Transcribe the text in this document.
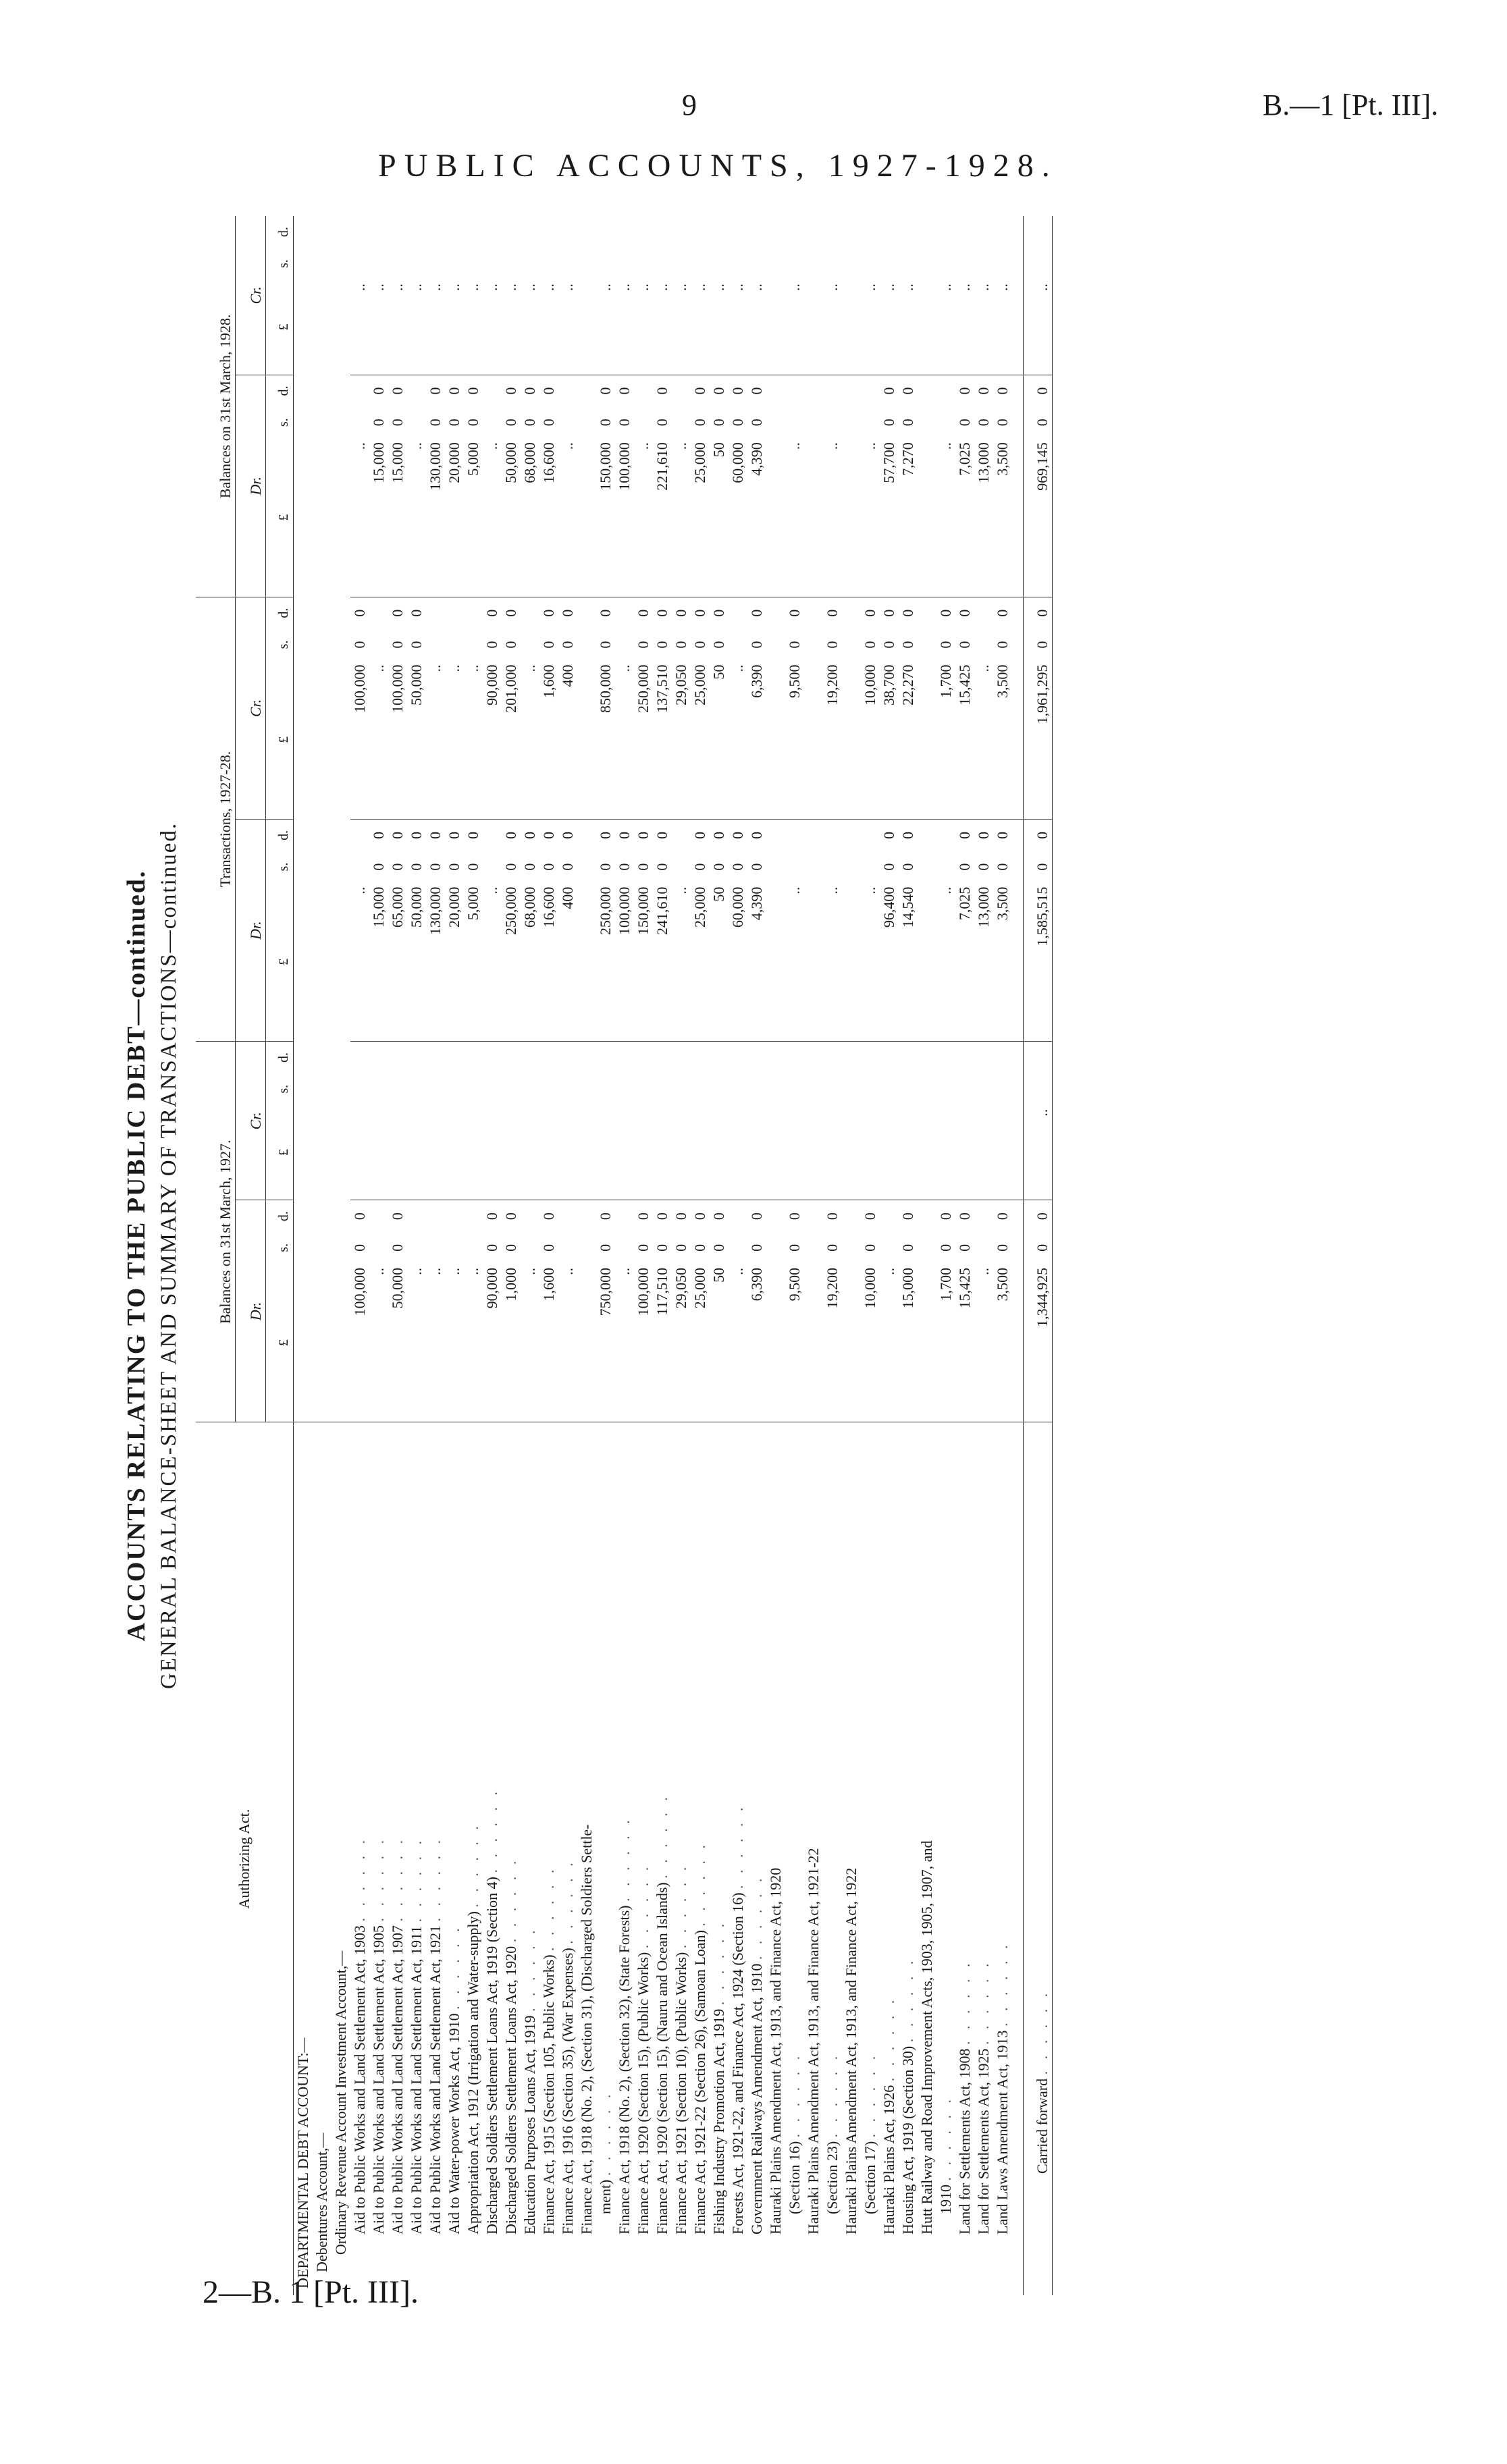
9	B.—1 [Pt. III].
PUBLIC ACCOUNTS, 1927-1928.
2—B. 1 [Pt. III].
ACCOUNTS RELATING TO THE PUBLIC DEBT—continued. GENERAL BALANCE-SHEET AND SUMMARY OF TRANSACTIONS—continued.
Authorizing Act.	Balances on 31st March, 1927.						Transactions, 1927-28.						Balances on 31st March, 1928.					
	Dr.			Cr.			Dr.			Cr.			Dr.			Cr.		
	£	s.	d.	£	s.	d.	£	s.	d.	£	s.	d.	£	s.	d.	£	s.	d.
DEPARTMENTAL DEBT ACCOUNT:—																		
Debentures Account,—																		
Ordinary Revenue Account Investment Account,—																		
Aid to Public Works and Land Settlement Act, 1903 . . . . . .	100,000	0	0				..			100,000	0	0	..			..		
Aid to Public Works and Land Settlement Act, 1905 . . . . . .	..						15,000	0	0	..			15,000	0	0	..		
Aid to Public Works and Land Settlement Act, 1907 . . . . . .	50,000	0	0				65,000	0	0	100,000	0	0	15,000	0	0	..		
Aid to Public Works and Land Settlement Act, 1911 . . . . . .	..						50,000	0	0	50,000	0	0	..			..		
Aid to Public Works and Land Settlement Act, 1921 . . . . . .	..						130,000	0	0	..			130,000	0	0	..		
Aid to Water-power Works Act, 1910 . . . . . .	..						20,000	0	0	..			20,000	0	0	..		
Appropriation Act, 1912 (Irrigation and Water-supply) . . . . . .	..						5,000	0	0	..			5,000	0	0	..		
Discharged Soldiers Settlement Loans Act, 1919 (Section 4) . . . . . .	90,000	0	0				..			90,000	0	0	..			..		
Discharged Soldiers Settlement Loans Act, 1920 . . . . . .	1,000	0	0				250,000	0	0	201,000	0	0	50,000	0	0	..		
Education Purposes Loans Act, 1919 . . . . . .	..						68,000	0	0	..			68,000	0	0	..		
Finance Act, 1915 (Section 105, Public Works) . . . . . .	1,600	0	0				16,600	0	0	1,600	0	0	16,600	0	0	..		
Finance Act, 1916 (Section 35), (War Expenses) . . . . . .	..						400	0	0	400	0	0	..			..		
Finance Act, 1918 (No. 2), (Section 31), (Discharged Soldiers Settle-																		
ment) . . . . . .	750,000	0	0				250,000	0	0	850,000	0	0	150,000	0	0	..		
Finance Act, 1918 (No. 2), (Section 32), (State Forests) . . . . . .	..						100,000	0	0	..			100,000	0	0	..		
Finance Act, 1920 (Section 15), (Public Works) . . . . . .	100,000	0	0				150,000	0	0	250,000	0	0	..			..		
Finance Act, 1920 (Section 15), (Nauru and Ocean Islands) . . . . . .	117,510	0	0				241,610	0	0	137,510	0	0	221,610	0	0	..		
Finance Act, 1921 (Section 10), (Public Works) . . . . . .	29,050	0	0				..			29,050	0	0	..			..		
Finance Act, 1921-22 (Section 26), (Samoan Loan) . . . . . .	25,000	0	0				25,000	0	0	25,000	0	0	25,000	0	0	..		
Fishing Industry Promotion Act, 1919 . . . . . .	50	0	0				50	0	0	50	0	0	50	0	0	..		
Forests Act, 1921-22, and Finance Act, 1924 (Section 16) . . . . . .	..						60,000	0	0	..			60,000	0	0	..		
Government Railways Amendment Act, 1910 . . . . . .	6,390	0	0				4,390	0	0	6,390	0	0	4,390	0	0	..		
Hauraki Plains Amendment Act, 1913, and Finance Act, 1920																		
(Section 16) . . . . . .	9,500	0	0				..			9,500	0	0	..			..		
Hauraki Plains Amendment Act, 1913, and Finance Act, 1921-22																		
(Section 23) . . . . . .	19,200	0	0				..			19,200	0	0	..			..		
Hauraki Plains Amendment Act, 1913, and Finance Act, 1922																		
(Section 17) . . . . . .	10,000	0	0				..			10,000	0	0	..			..		
Hauraki Plains Act, 1926 . . . . . .	..						96,400	0	0	38,700	0	0	57,700	0	0	..		
Housing Act, 1919 (Section 30) . . . . . .	15,000	0	0				14,540	0	0	22,270	0	0	7,270	0	0	..		
Hutt Railway and Road Improvement Acts, 1903, 1905, 1907, and																		
1910 . . . . . .	1,700	0	0				..			1,700	0	0	..			..		
Land for Settlements Act, 1908 . . . . . .	15,425	0	0				7,025	0	0	15,425	0	0	7,025	0	0	..		
Land for Settlements Act, 1925 . . . . . .	..						13,000	0	0	..			13,000	0	0	..		
Land Laws Amendment Act, 1913 . . . . . .	3,500	0	0				3,500	0	0	3,500	0	0	3,500	0	0	..		

Carried forward . . . . . .	1,344,925	0	0	..			1,585,515	0	0	1,961,295	0	0	969,145	0	0	..		
